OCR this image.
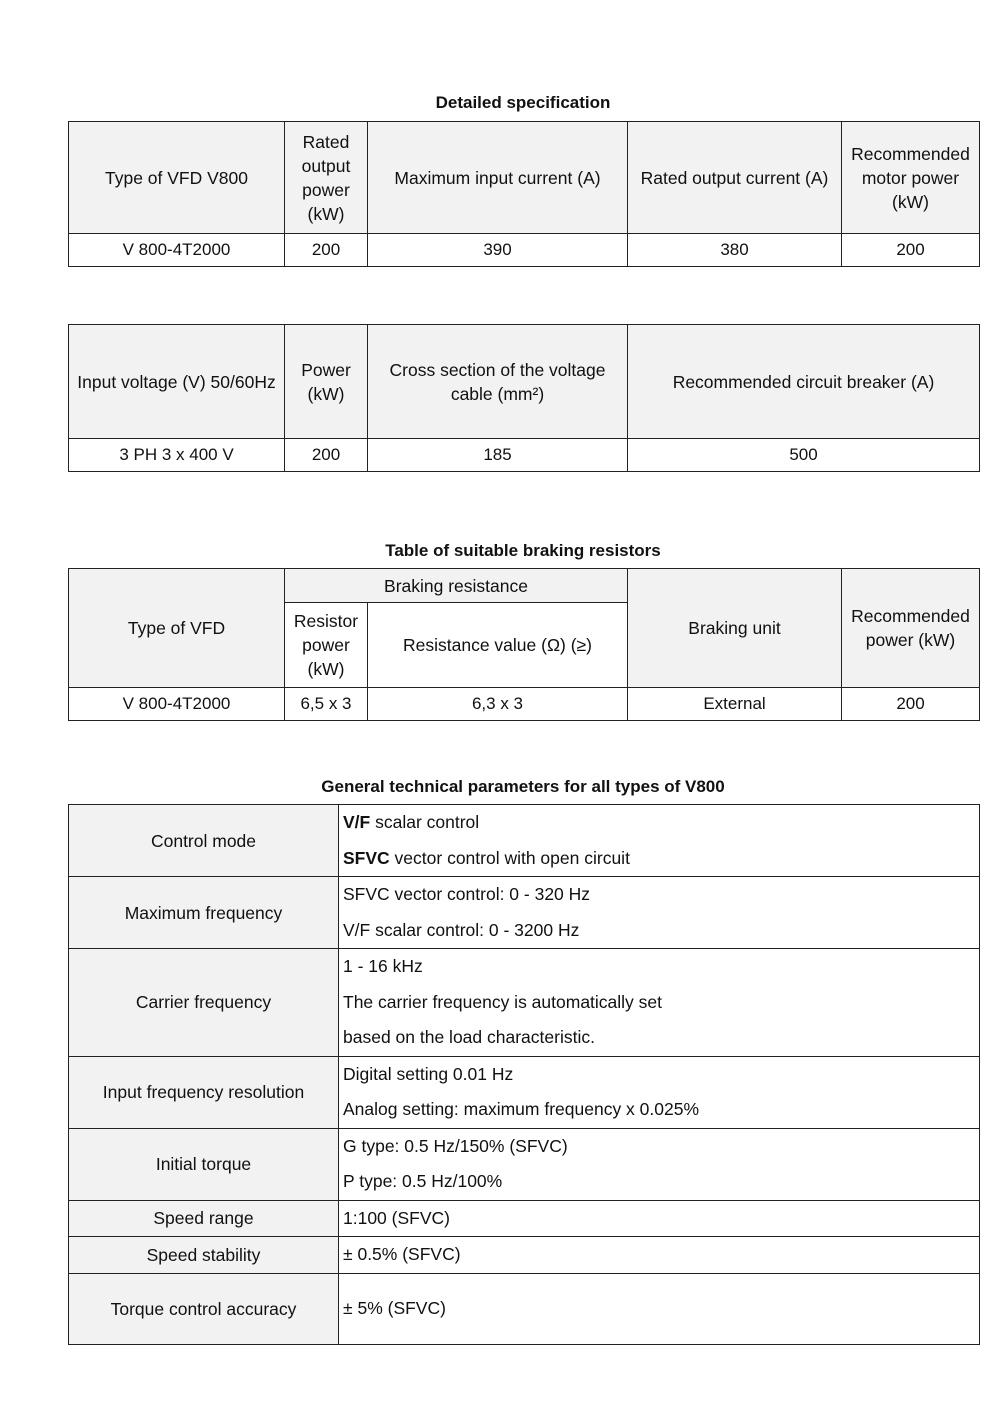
Detailed specification
Type of VFD V800	Rated output power (kW)	Maximum input current (A)	Rated output current (A)	Recommended motor power (kW)
V 800-4T2000	200	390	380	200
Input voltage (V) 50/60Hz	Power (kW)	Cross section of the voltage cable (mm²)	Recommended circuit breaker (A)
3 PH 3 x 400 V	200	185	500
Table of suitable braking resistors
Type of VFD	Braking resistance		Braking unit	Recommended power (kW)
	Resistor power (kW)	Resistance value (Ω) (≥)		
V 800-4T2000	6,5 x 3	6,3 x 3	External	200
General technical parameters for all types of V800
Control mode	V/F scalar control
SFVC vector control with open circuit

Maximum frequency	SFVC vector control: 0 - 320 Hz
V/F scalar control: 0 - 3200 Hz

Carrier frequency	1 - 16 kHz
The carrier frequency is automatically set
based on the load characteristic.

Input frequency resolution	Digital setting 0.01 Hz
Analog setting: maximum frequency x 0.025%

Initial torque	G type: 0.5 Hz/150% (SFVC)
P type: 0.5 Hz/100%

Speed range	1:100 (SFVC)

Speed stability	± 0.5% (SFVC)

Torque control accuracy	± 5% (SFVC)
